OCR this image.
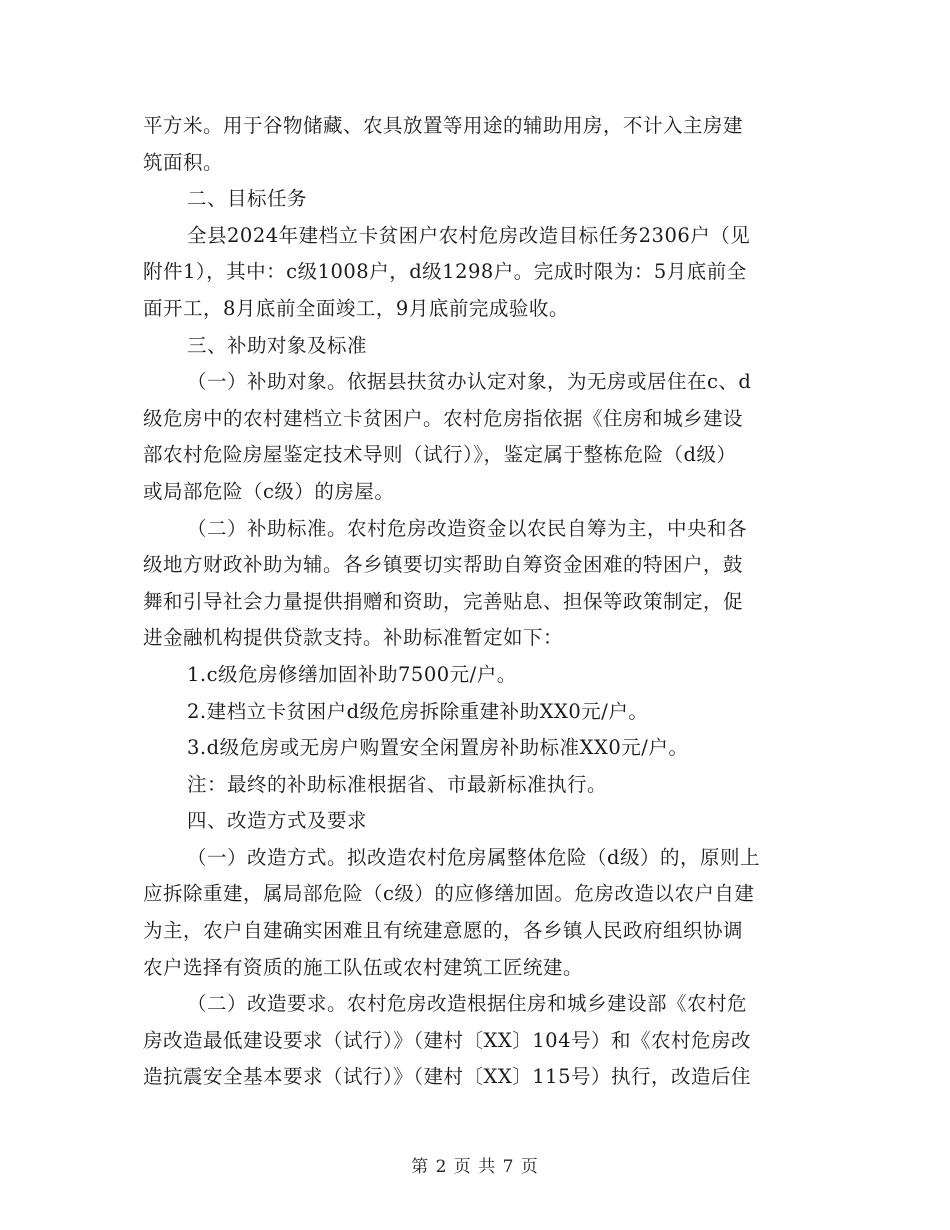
平方米。用于谷物储藏、农具放置等用途的辅助用房，不计入主房建
筑面积。
二、目标任务
全县2024年建档立卡贫困户农村危房改造目标任务2306户（见
附件1），其中：c级1008户，d级1298户。完成时限为：5月底前全
面开工，8月底前全面竣工，9月底前完成验收。
三、补助对象及标准
（一）补助对象。依据县扶贫办认定对象，为无房或居住在c、d
级危房中的农村建档立卡贫困户。农村危房指依据《住房和城乡建设
部农村危险房屋鉴定技术导则（试行）》，鉴定属于整栋危险（d级）
或局部危险（c级）的房屋。
（二）补助标准。农村危房改造资金以农民自筹为主，中央和各
级地方财政补助为辅。各乡镇要切实帮助自筹资金困难的特困户，鼓
舞和引导社会力量提供捐赠和资助，完善贴息、担保等政策制定，促
进金融机构提供贷款支持。补助标准暂定如下：
1.c级危房修缮加固补助7500元/户。
2.建档立卡贫困户d级危房拆除重建补助XX0元/户。
3.d级危房或无房户购置安全闲置房补助标准XX0元/户。
注：最终的补助标准根据省、市最新标准执行。
四、改造方式及要求
（一）改造方式。拟改造农村危房属整体危险（d级）的，原则上
应拆除重建，属局部危险（c级）的应修缮加固。危房改造以农户自建
为主，农户自建确实困难且有统建意愿的，各乡镇人民政府组织协调
农户选择有资质的施工队伍或农村建筑工匠统建。
（二）改造要求。农村危房改造根据住房和城乡建设部《农村危
房改造最低建设要求（试行）》（建村〔XX〕104号）和《农村危房改
造抗震安全基本要求（试行）》（建村〔XX〕115号）执行，改造后住
第 2 页 共 7 页
